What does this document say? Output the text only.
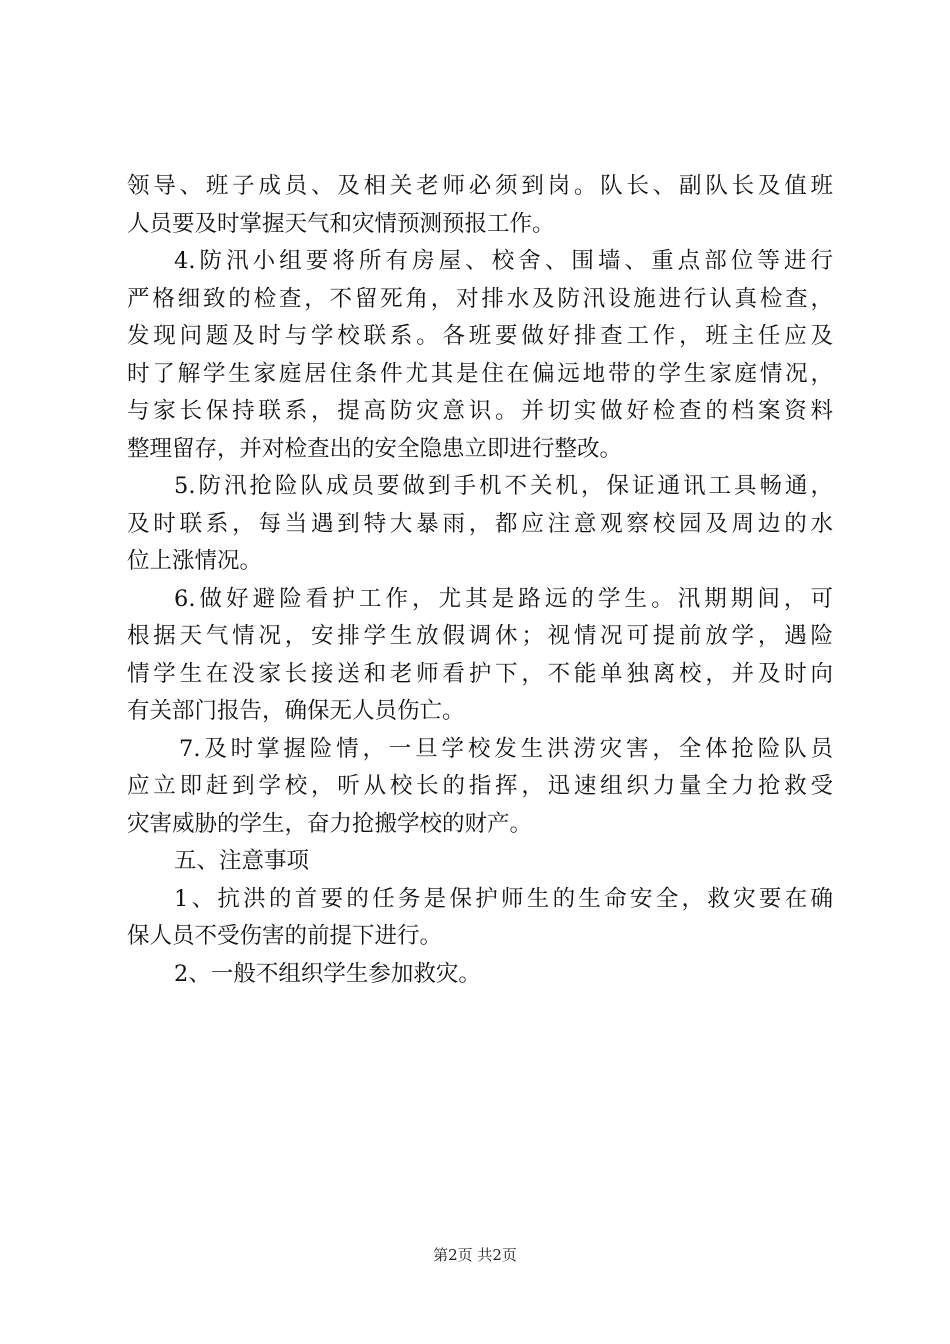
领导、班子成员、及相关老师必须到岗。队长、副队长及值班
人员要及时掌握天气和灾情预测预报工作。
4.防汛小组要将所有房屋、校舍、围墙、重点部位等进行
严格细致的检查，不留死角，对排水及防汛设施进行认真检查，
发现问题及时与学校联系。各班要做好排查工作，班主任应及
时了解学生家庭居住条件尤其是住在偏远地带的学生家庭情况，
与家长保持联系，提高防灾意识。并切实做好检查的档案资料
整理留存，并对检查出的安全隐患立即进行整改。
5.防汛抢险队成员要做到手机不关机，保证通讯工具畅通，
及时联系，每当遇到特大暴雨，都应注意观察校园及周边的水
位上涨情况。
6.做好避险看护工作，尤其是路远的学生。汛期期间，可
根据天气情况，安排学生放假调休；视情况可提前放学，遇险
情学生在没家长接送和老师看护下，不能单独离校，并及时向
有关部门报告，确保无人员伤亡。
7.及时掌握险情，一旦学校发生洪涝灾害，全体抢险队员
应立即赶到学校，听从校长的指挥，迅速组织力量全力抢救受
灾害威胁的学生，奋力抢搬学校的财产。
五、注意事项
1、抗洪的首要的任务是保护师生的生命安全，救灾要在确
保人员不受伤害的前提下进行。
2、一般不组织学生参加救灾。
第2页 共2页
